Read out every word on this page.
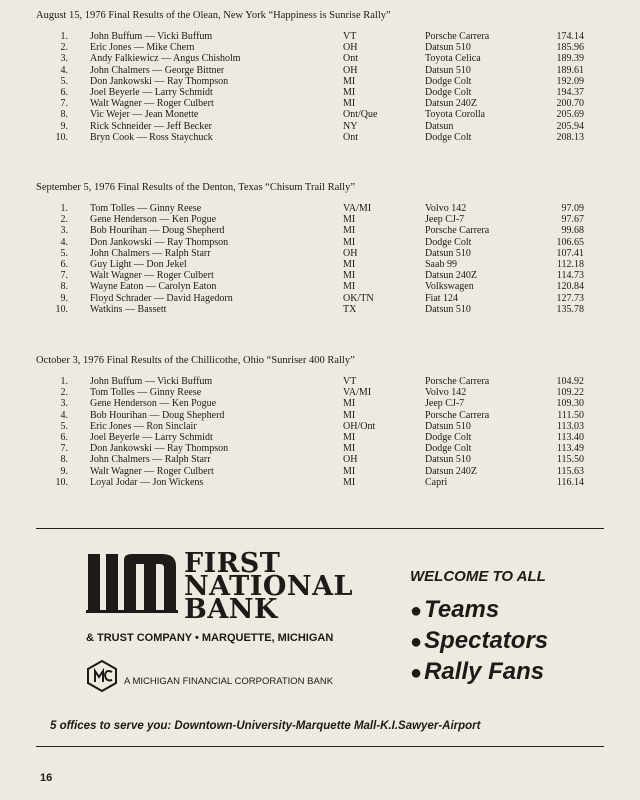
August 15, 1976 Final Results of the Olean, New York “Happiness is Sunrise Rally”
1.	John Buffum — Vicki Buffum	VT	Porsche Carrera	174.14
2.	Eric Jones — Mike Chern	OH	Datsun 510	185.96
3.	Andy Falkiewicz — Angus Chisholm	Ont	Toyota Celica	189.39
4.	John Chalmers — George Bittner	OH	Datsun 510	189.61
5.	Don Jankowski — Ray Thompson	MI	Dodge Colt	192.09
6.	Joel Beyerle — Larry Schmidt	MI	Dodge Colt	194.37
7.	Walt Wagner — Roger Culbert	MI	Datsun 240Z	200.70
8.	Vic Wejer — Jean Monette	Ont/Que	Toyota Corolla	205.69
9.	Rick Schneider — Jeff Becker	NY	Datsun	205.94
10.	Bryn Cook — Ross Staychuck	Ont	Dodge Colt	208.13
September 5, 1976 Final Results of the Denton, Texas “Chisum Trail Rally”
1.	Tom Tolles — Ginny Reese	VA/MI	Volvo 142	97.09
2.	Gene Henderson — Ken Pogue	MI	Jeep CJ-7	97.67
3.	Bob Hourihan — Doug Shepherd	MI	Porsche Carrera	99.68
4.	Don Jankowski — Ray Thompson	MI	Dodge Colt	106.65
5.	John Chalmers — Ralph Starr	OH	Datsun 510	107.41
6.	Guy Light — Don Jekel	MI	Saab 99	112.18
7.	Walt Wagner — Roger Culbert	MI	Datsun 240Z	114.73
8.	Wayne Eaton — Carolyn Eaton	MI	Volkswagen	120.84
9.	Floyd Schrader — David Hagedorn	OK/TN	Fiat 124	127.73
10.	Watkins — Bassett	TX	Datsun 510	135.78
October 3, 1976 Final Results of the Chillicothe, Ohio “Sunriser 400 Rally”
1.	John Buffum — Vicki Buffum	VT	Porsche Carrera	104.92
2.	Tom Tolles — Ginny Reese	VA/MI	Volvo 142	109.22
3.	Gene Henderson — Ken Pogue	MI	Jeep CJ-7	109.30
4.	Bob Hourihan — Doug Shepherd	MI	Porsche Carrera	111.50
5.	Eric Jones — Ron Sinclair	OH/Ont	Datsun 510	113.03
6.	Joel Beyerle — Larry Schmidt	MI	Dodge Colt	113.40
7.	Don Jankowski — Ray Thompson	MI	Dodge Colt	113.49
8.	John Chalmers — Ralph Starr	OH	Datsun 510	115.50
9.	Walt Wagner — Roger Culbert	MI	Datsun 240Z	115.63
10.	Loyal Jodar — Jon Wickens	MI	Capri	116.14
FIRST
NATIONAL
BANK
& TRUST COMPANY • MARQUETTE, MICHIGAN
A MICHIGAN FINANCIAL CORPORATION BANK
WELCOME TO ALL
●Teams
●Spectators
●Rally Fans
5 offices to serve you: Downtown-University-Marquette Mall-K.I.Sawyer-Airport
16
